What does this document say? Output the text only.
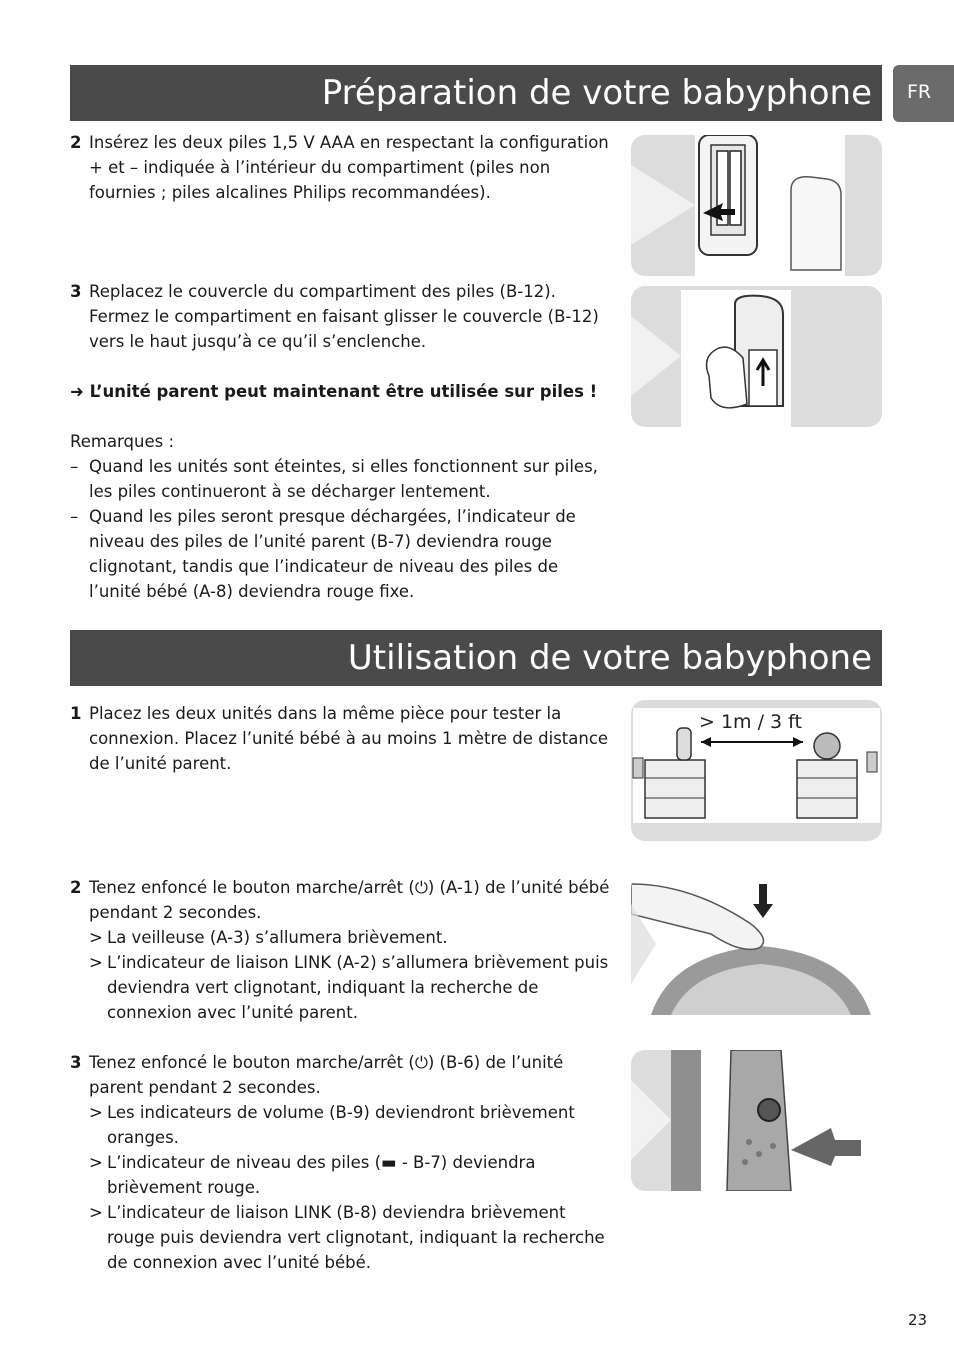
Préparation de votre babyphone	FR
2 Insérez les deux piles 1,5 V AAA en respectant la configuration + et – indiquée à l’intérieur du compartiment (piles non fournies ; piles alcalines Philips recommandées).
3 Replacez le couvercle du compartiment des piles (B-12). Fermez le compartiment en faisant glisser le couvercle (B-12) vers le haut jusqu’à ce qu’il s’enclenche.
➜ L’unité parent peut maintenant être utilisée sur piles !
Remarques :
– Quand les unités sont éteintes, si elles fonctionnent sur piles, les piles continueront à se décharger lentement.
– Quand les piles seront presque déchargées, l’indicateur de niveau des piles de l’unité parent (B-7) deviendra rouge clignotant, tandis que l’indicateur de niveau des piles de l’unité bébé (A-8) deviendra rouge fixe.
Utilisation de votre babyphone
1 Placez les deux unités dans la même pièce pour tester la connexion. Placez l’unité bébé à au moins 1 mètre de distance de l’unité parent.
2 Tenez enfoncé le bouton marche/arrêt (⏻) (A-1) de l’unité bébé pendant 2 secondes.
> La veilleuse (A-3) s’allumera brièvement.
> L’indicateur de liaison LINK (A-2) s’allumera brièvement puis deviendra vert clignotant, indiquant la recherche de connexion avec l’unité parent.
3 Tenez enfoncé le bouton marche/arrêt (⏻) (B-6) de l’unité parent pendant 2 secondes.
> Les indicateurs de volume (B-9) deviendront brièvement oranges.
> L’indicateur de niveau des piles (▬ - B-7) deviendra brièvement rouge.
> L’indicateur de liaison LINK (B-8) deviendra brièvement rouge puis deviendra vert clignotant, indiquant la recherche de connexion avec l’unité bébé.
> 1m / 3 ft
23
